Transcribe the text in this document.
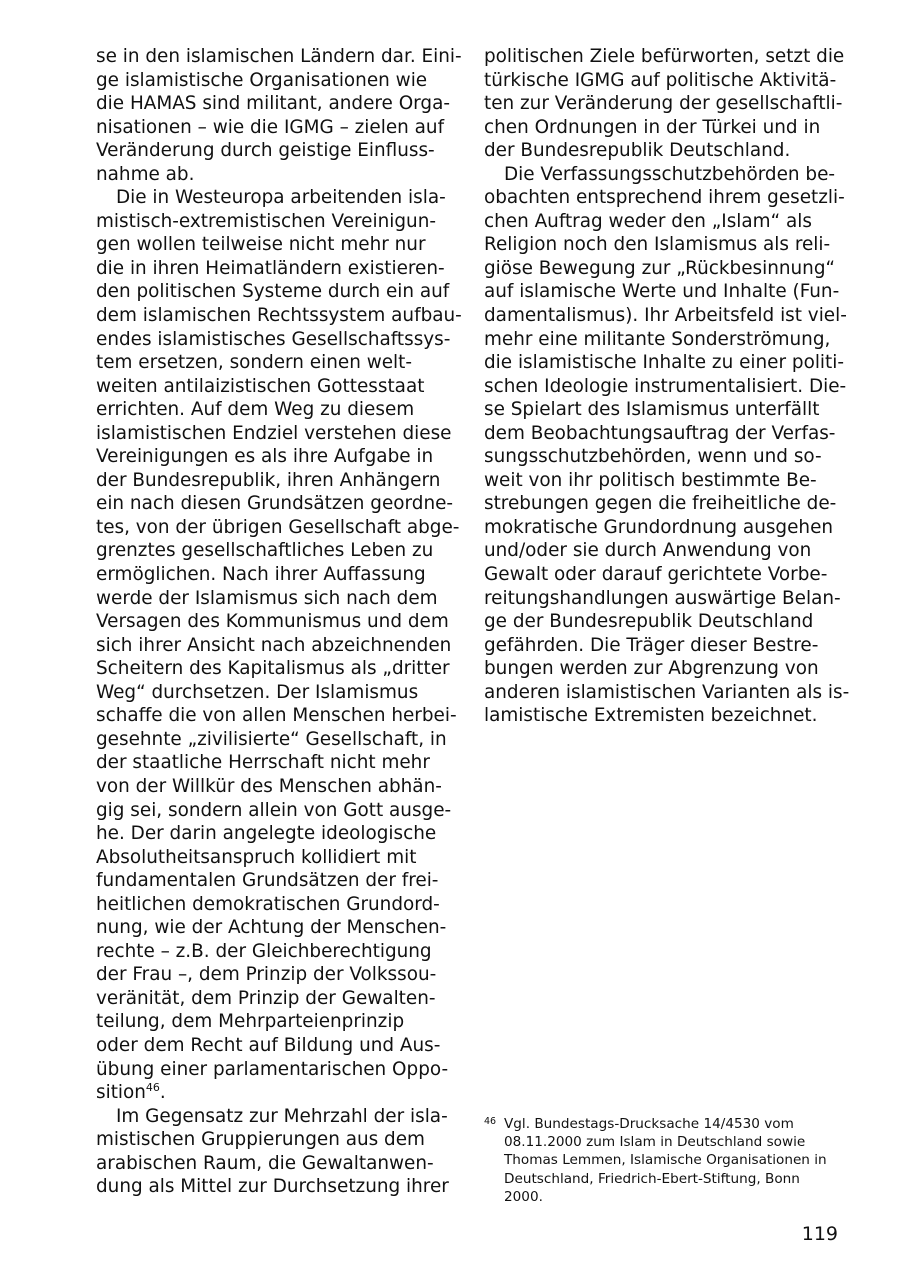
se in den islamischen Ländern dar. Eini-
ge islamistische Organisationen wie
die HAMAS sind militant, andere Orga-
nisationen – wie die IGMG – zielen auf
Veränderung durch geistige Einfluss-
nahme ab.
Die in Westeuropa arbeitenden isla-
mistisch-extremistischen Vereinigun-
gen wollen teilweise nicht mehr nur
die in ihren Heimatländern existieren-
den politischen Systeme durch ein auf
dem islamischen Rechtssystem aufbau-
endes islamistisches Gesellschaftssys-
tem ersetzen, sondern einen welt-
weiten antilaizistischen Gottesstaat
errichten. Auf dem Weg zu diesem
islamistischen Endziel verstehen diese
Vereinigungen es als ihre Aufgabe in
der Bundesrepublik, ihren Anhängern
ein nach diesen Grundsätzen geordne-
tes, von der übrigen Gesellschaft abge-
grenztes gesellschaftliches Leben zu
ermöglichen. Nach ihrer Auffassung
werde der Islamismus sich nach dem
Versagen des Kommunismus und dem
sich ihrer Ansicht nach abzeichnenden
Scheitern des Kapitalismus als „dritter
Weg“ durchsetzen. Der Islamismus
schaffe die von allen Menschen herbei-
gesehnte „zivilisierte“ Gesellschaft, in
der staatliche Herrschaft nicht mehr
von der Willkür des Menschen abhän-
gig sei, sondern allein von Gott ausge-
he. Der darin angelegte ideologische
Absolutheitsanspruch kollidiert mit
fundamentalen Grundsätzen der frei-
heitlichen demokratischen Grundord-
nung, wie der Achtung der Menschen-
rechte – z.B. der Gleichberechtigung
der Frau –, dem Prinzip der Volkssou-
veränität, dem Prinzip der Gewalten-
teilung, dem Mehrparteienprinzip
oder dem Recht auf Bildung und Aus-
übung einer parlamentarischen Oppo-
sition$^{46}$.
Im Gegensatz zur Mehrzahl der isla-
mistischen Gruppierungen aus dem
arabischen Raum, die Gewaltanwen-
dung als Mittel zur Durchsetzung ihrer
politischen Ziele befürworten, setzt die
türkische IGMG auf politische Aktivitä-
ten zur Veränderung der gesellschaftli-
chen Ordnungen in der Türkei und in
der Bundesrepublik Deutschland.
Die Verfassungsschutzbehörden be-
obachten entsprechend ihrem gesetzli-
chen Auftrag weder den „Islam“ als
Religion noch den Islamismus als reli-
giöse Bewegung zur „Rückbesinnung“
auf islamische Werte und Inhalte (Fun-
damentalismus). Ihr Arbeitsfeld ist viel-
mehr eine militante Sonderströmung,
die islamistische Inhalte zu einer politi-
schen Ideologie instrumentalisiert. Die-
se Spielart des Islamismus unterfällt
dem Beobachtungsauftrag der Verfas-
sungsschutzbehörden, wenn und so-
weit von ihr politisch bestimmte Be-
strebungen gegen die freiheitliche de-
mokratische Grundordnung ausgehen
und/oder sie durch Anwendung von
Gewalt oder darauf gerichtete Vorbe-
reitungshandlungen auswärtige Belan-
ge der Bundesrepublik Deutschland
gefährden. Die Träger dieser Bestre-
bungen werden zur Abgrenzung von
anderen islamistischen Varianten als is-
lamistische Extremisten bezeichnet.
46 Vgl. Bundestags-Drucksache 14/4530 vom
08.11.2000 zum Islam in Deutschland sowie
Thomas Lemmen, Islamische Organisationen in
Deutschland, Friedrich-Ebert-Stiftung, Bonn
2000.
119
